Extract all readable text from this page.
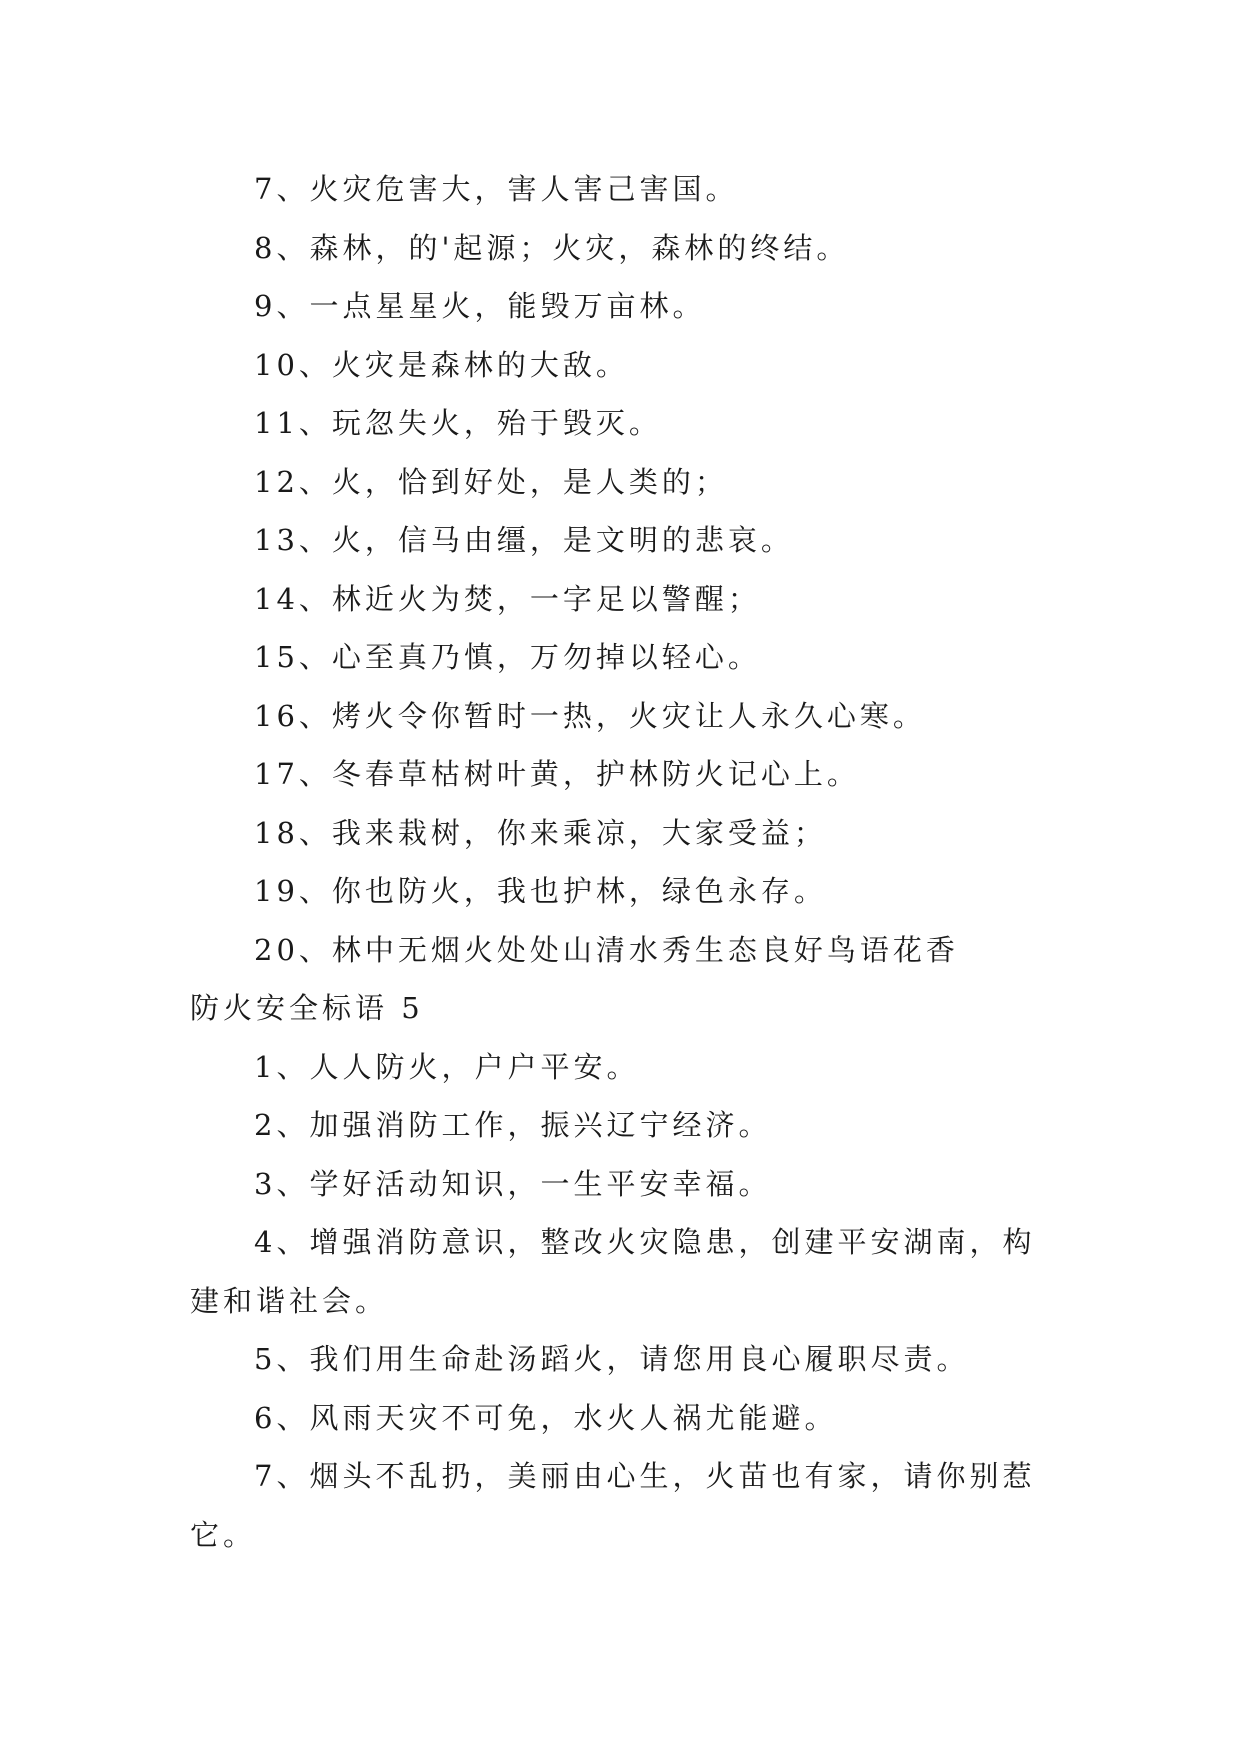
7、火灾危害大，害人害己害国。

8、森林，的'起源；火灾，森林的终结。

9、一点星星火，能毁万亩林。

10、火灾是森林的大敌。

11、玩忽失火，殆于毁灭。

12、火，恰到好处，是人类的；

13、火，信马由缰，是文明的悲哀。

14、林近火为焚，一字足以警醒；

15、心至真乃慎，万勿掉以轻心。

16、烤火令你暂时一热，火灾让人永久心寒。

17、冬春草枯树叶黄，护林防火记心上。

18、我来栽树，你来乘凉，大家受益；

19、你也防火，我也护林，绿色永存。

20、林中无烟火处处山清水秀生态良好鸟语花香

防火安全标语 5

1、人人防火，户户平安。

2、加强消防工作，振兴辽宁经济。

3、学好活动知识，一生平安幸福。

4、增强消防意识，整改火灾隐患，创建平安湖南，构建和谐社会。

5、我们用生命赴汤蹈火，请您用良心履职尽责。

6、风雨天灾不可免，水火人祸尤能避。

7、烟头不乱扔，美丽由心生，火苗也有家，请你别惹它。
